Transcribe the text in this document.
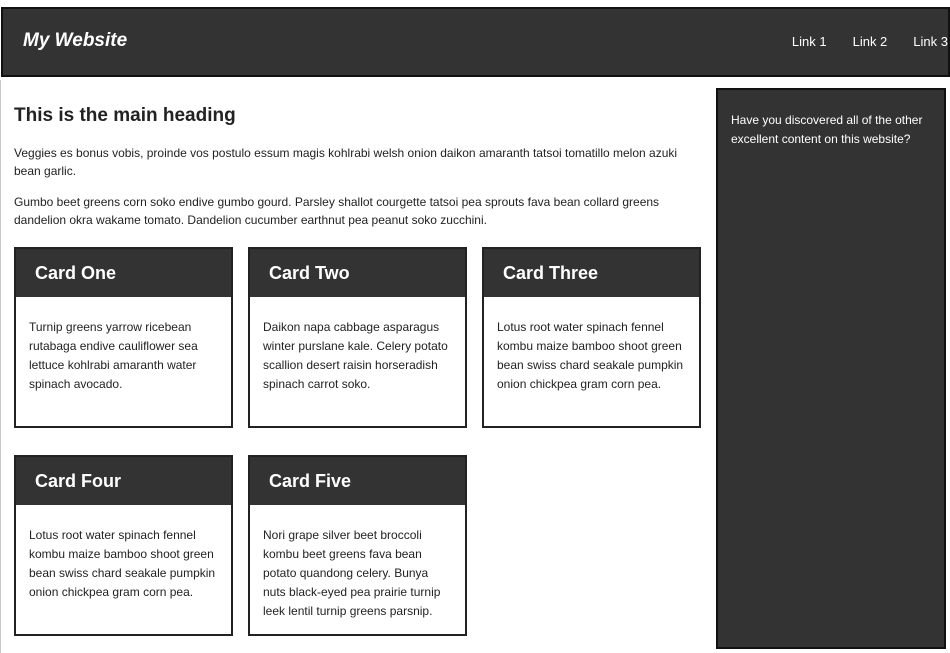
My Website	Link 1 Link 2 Link 3
This is the main heading

Veggies es bonus vobis, proinde vos postulo essum magis kohlrabi welsh onion daikon amaranth tatsoi tomatillo melon azuki bean garlic.

Gumbo beet greens corn soko endive gumbo gourd. Parsley shallot courgette tatsoi pea sprouts fava bean collard greens dandelion okra wakame tomato. Dandelion cucumber earthnut pea peanut soko zucchini.

Card One
Turnip greens yarrow ricebean rutabaga endive cauliflower sea lettuce kohlrabi amaranth water spinach avocado.
Card Two
Daikon napa cabbage asparagus winter purslane kale. Celery potato scallion desert raisin horseradish spinach carrot soko.
Card Three
Lotus root water spinach fennel kombu maize bamboo shoot green bean swiss chard seakale pumpkin onion chickpea gram corn pea.
Card Four
Lotus root water spinach fennel kombu maize bamboo shoot green bean swiss chard seakale pumpkin onion chickpea gram corn pea.
Card Five
Nori grape silver beet broccoli kombu beet greens fava bean potato quandong celery. Bunya nuts black-eyed pea prairie turnip leek lentil turnip greens parsnip.

Have you discovered all of the other excellent content on this website?
